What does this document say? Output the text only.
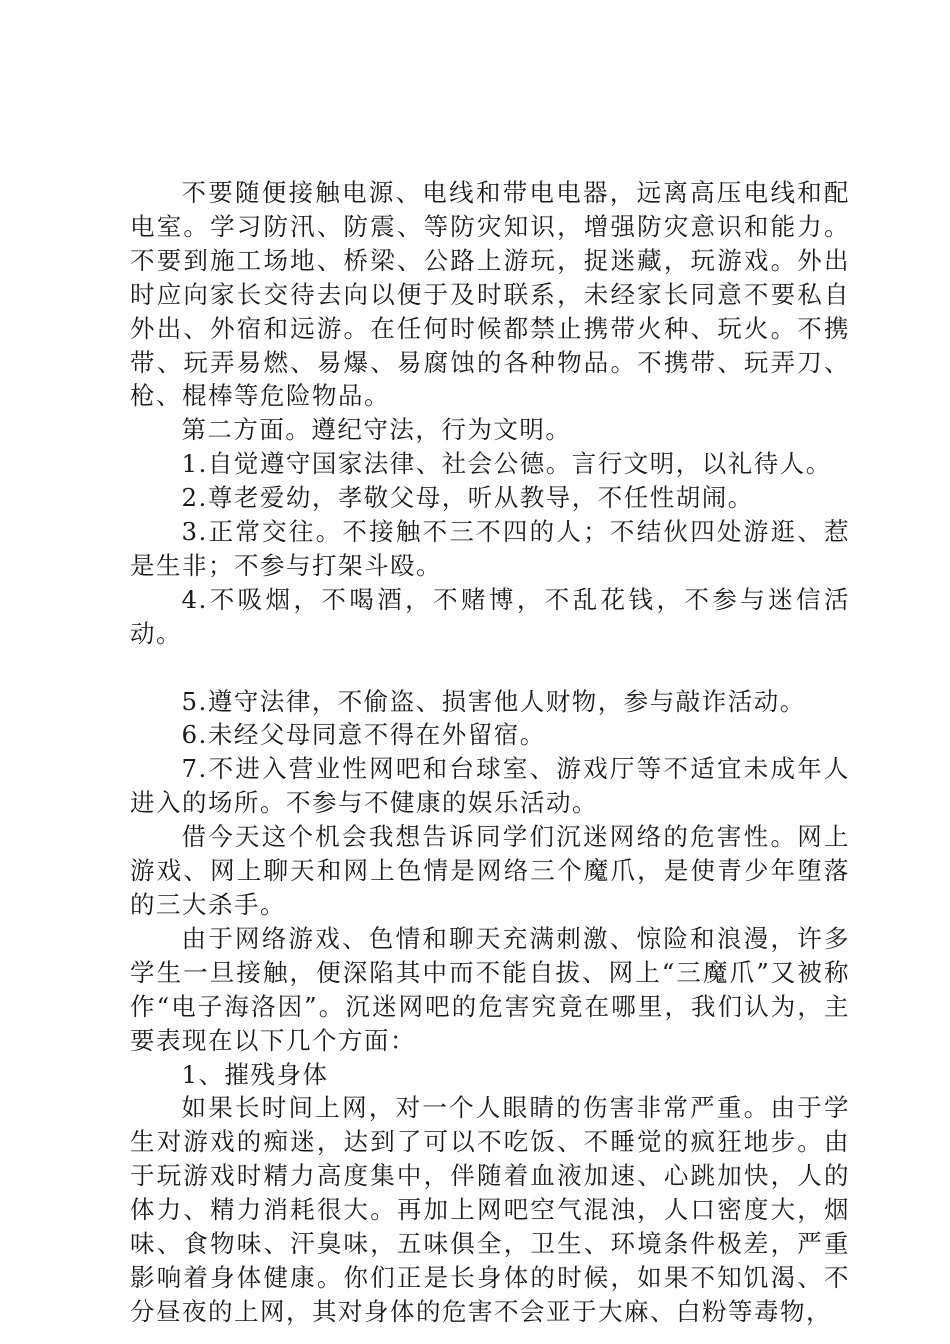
不要随便接触电源、电线和带电电器，远离高压电线和配电室。学习防汛、防震、等防灾知识，增强防灾意识和能力。不要到施工场地、桥梁、公路上游玩，捉迷藏，玩游戏。外出时应向家长交待去向以便于及时联系，未经家长同意不要私自外出、外宿和远游。在任何时候都禁止携带火种、玩火。不携带、玩弄易燃、易爆、易腐蚀的各种物品。不携带、玩弄刀、枪、棍棒等危险物品。

第二方面。遵纪守法，行为文明。

1.自觉遵守国家法律、社会公德。言行文明，以礼待人。

2.尊老爱幼，孝敬父母，听从教导，不任性胡闹。

3.正常交往。不接触不三不四的人；不结伙四处游逛、惹是生非；不参与打架斗殴。

4.不吸烟，不喝酒，不赌博，不乱花钱，不参与迷信活动。

5.遵守法律，不偷盗、损害他人财物，参与敲诈活动。

6.未经父母同意不得在外留宿。

7.不进入营业性网吧和台球室、游戏厅等不适宜未成年人进入的场所。不参与不健康的娱乐活动。

借今天这个机会我想告诉同学们沉迷网络的危害性。网上游戏、网上聊天和网上色情是网络三个魔爪，是使青少年堕落的三大杀手。

由于网络游戏、色情和聊天充满刺激、惊险和浪漫，许多学生一旦接触，便深陷其中而不能自拔、网上“三魔爪”又被称作“电子海洛因”。沉迷网吧的危害究竟在哪里，我们认为，主要表现在以下几个方面：

1、摧残身体

如果长时间上网，对一个人眼睛的伤害非常严重。由于学生对游戏的痴迷，达到了可以不吃饭、不睡觉的疯狂地步。由于玩游戏时精力高度集中，伴随着血液加速、心跳加快，人的体力、精力消耗很大。再加上网吧空气混浊，人口密度大，烟味、食物味、汗臭味，五味俱全，卫生、环境条件极差，严重影响着身体健康。你们正是长身体的时候，如果不知饥渴、不分昼夜的上网，其对身体的危害不会亚于大麻、白粉等毒物，
